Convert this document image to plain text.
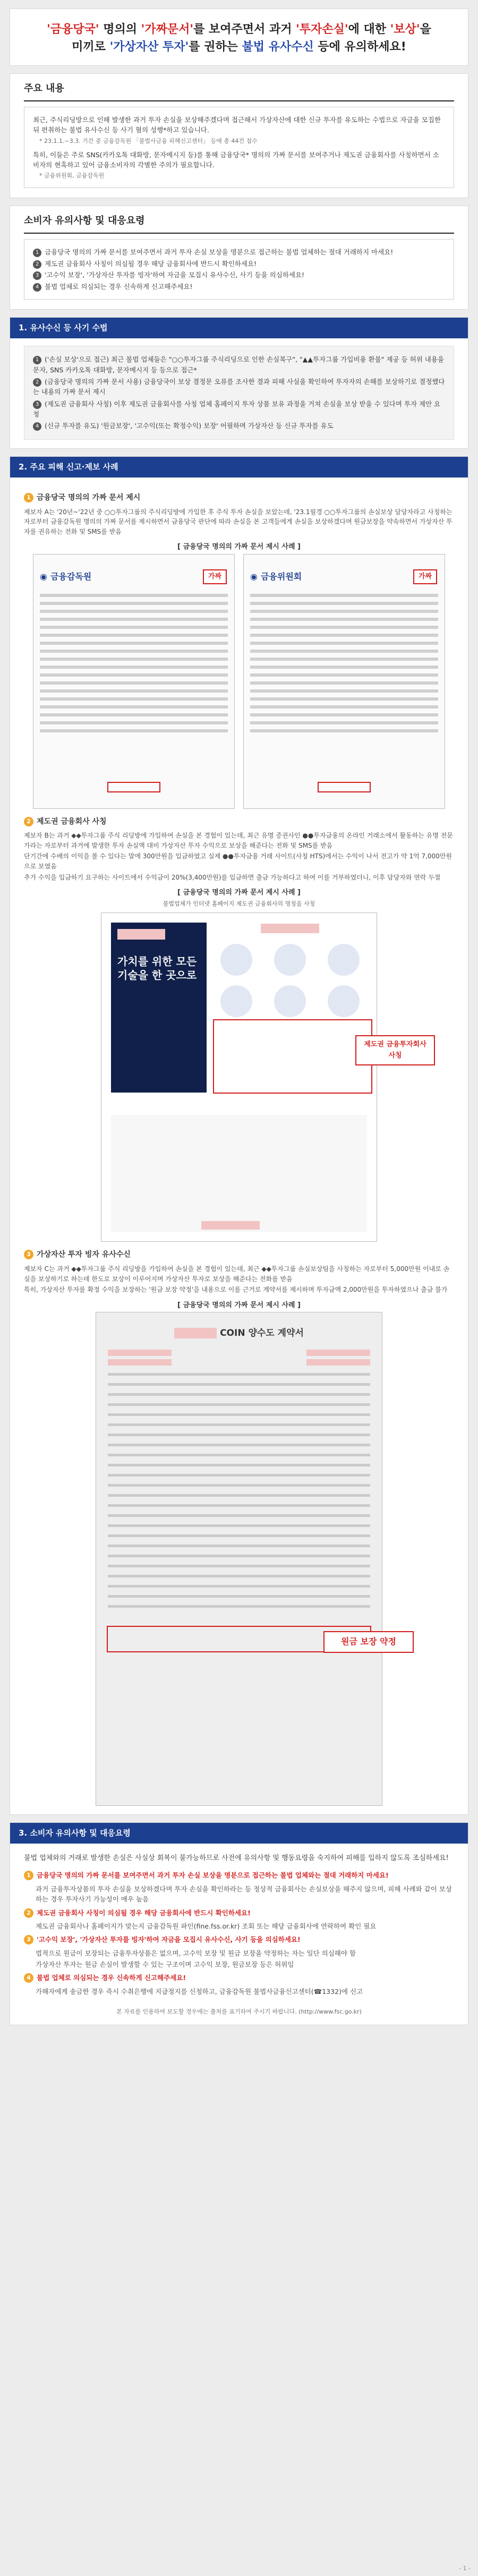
'금융당국' 명의의 '가짜문서'를 보여주면서 과거 '투자손실'에 대한 '보상'을
미끼로 '가상자산 투자'를 권하는 불법 유사수신 등에 유의하세요!
주요 내용

최근, 주식리딩방으로 인해 발생한 과거 투자 손실을 보상해주겠다며 접근해서 가상자산에 대한 신규 투자를 유도하는 수법으로 자금을 모집한 뒤 편취하는 불법 유사수신 등 사기 혐의 성행*하고 있습니다.

* 23.1.1.~3.3. 기간 중 금융감독원 「불법사금융 피해신고센터」 등에 총 44건 접수

특히, 이들은 주로 SNS(카카오톡 대화방, 문자메시지 등)를 통해 금융당국* 명의의 가짜 문서를 보여주거나 제도권 금융회사를 사칭하면서 소비자의 현혹하고 있어 금융소비자의 각별한 주의가 필요합니다.

* 금융위원회, 금융감독원

소비자 유의사항 및 대응요령

1 금융당국 명의의 가짜 문서를 보여주면서 과거 투자 손실 보상을 명분으로 접근하는 불법 업체하는 절대 거래하지 마세요!

2 제도권 금융회사 사칭이 의심될 경우 해당 금융회사에 반드시 확인하세요!

3 '고수익 보장', '가상자산 투자를 빙자'하여 자금을 모집시 유사수신, 사기 등을 의심하세요!

4 불법 업체로 의심되는 경우 신속하게 신고해주세요!

1. 유사수신 등 사기 수법

1 ('손실 보상'으로 접근) 최근 불법 업체들은 "○○투자그룹 주식리딩으로 인한 손실복구", "▲▲투자그룹 가입비용 환불" 제공 등 허위 내용을 문자, SNS 카카오톡 대화방, 문자메시지 등 등으로 접근*

2 (금융당국 명의의 가짜 문서 사용) 금융당국이 보상 결정문 오류를 조사한 결과 피해 사실을 확인하여 투자자의 손해를 보상하기로 결정했다는 내용의 가짜 문서 제시

3 (제도권 금융회사 사칭) 이후 제도권 금융회사를 사칭 업체 홈페이지 투자 상품 보유 과정을 거쳐 손실을 보상 받을 수 있다며 투자 제안 요청

4 (신규 투자를 유도) '원금보장', '고수익(또는 확정수익) 보장' 어필하며 가상자산 등 신규 투자를 유도

2. 주요 피해 신고·제보 사례
1 금융당국 명의의 가짜 문서 제시
제보자 A는 '20년~'22년 중 ○○투자그룹의 주식리딩방에 가입한 후 주식 투자 손실을 보았는데, '23.1월경 ○○투자그룹의 손실보상 담당자라고 사칭하는 자로부터 금융감독원 명의의 가짜 문서를 제시하면서 금융당국 판단에 따라 손실을 본 고객들에게 손실을 보상하겠다며 원금보장을 약속하면서 가상자산 투자를 권유하는 전화 및 SMS를 받음
[ 금융당국 명의의 가짜 문서 제시 사례 ]
◉ 금융감독원	가짜	◉ 금융위원회	가짜
2 제도권 금융회사 사칭

제보자 B는 과거 ◆◆투자그룹 주식 리딩방에 가입하여 손실을 본 경험이 있는데, 최근 유명 증권사인 ●●투자금융의 온라인 거래소에서 활동하는 유명 전문가라는 자로부터 과거에 발생한 투자 손실액 대비 가상자산 투자 수익으로 보상을 해준다는 전화 및 SMS를 받음

단기간에 수배의 이익을 볼 수 있다는 말에 300만원을 입금하였고 실제 ●●투자금융 거래 사이트(사칭 HTS)에서는 수익이 나서 전고가 약 1억 7,000만원으로 보였음

추가 수익을 입금하기 요구하는 사이트에서 수익금이 20%(3,400만원)를 입금하면 출금 가능하다고 하여 이를 거부하였더니, 이후 담당자와 연락 두절

[ 금융당국 명의의 가짜 문서 제시 사례 ]
불법업체가 인터넷 홈페이지 제도권 금융회사의 명칭을 사칭
가치를 위한 모든 기술을 한 곳으로
제도권 금융투자회사 사칭
3 가상자산 투자 빙자 유사수신

제보자 C는 과거 ◆◆투자그룹 주식 리딩방을 가입하여 손실을 본 경험이 있는데, 최근 ◆◆투자그룹 손실보상팀을 사칭하는 자로부터 5,000만원 이내로 손실을 보상하기로 하는데 한도로 보상이 이루어지며 가상자산 투자로 보상을 해준다는 전화를 받음

특히, 가상자산 투자를 확정 수익을 보장하는 '원금 보장 약정'을 내용으로 이를 근거로 계약서를 제시하며 투자금액 2,000만원을 투자하였으나 출금 불가

[ 금융당국 명의의 가짜 문서 제시 사례 ]
COIN 양수도 계약서
원금 보장 약정
3. 소비자 유의사항 및 대응요령
불법 업체와의 거래로 발생한 손실은 사실상 회복이 불가능하므로 사전에 유의사항 및 행동요령을 숙지하여 피해를 입하지 않도록 조심하세요!

1 금융당국 명의의 가짜 문서를 보여주면서 과거 투자 손실 보상을 명분으로 접근하는 불법 업체와는 절대 거래하지 마세요!

과거 금융투자상품의 투자 손실을 보상하겠다며 투자 손실을 확인하라는 등 정상적 금융회사는 손실보상을 해주지 않으며, 피해 사례와 같이 보상하는 경우 투자사기 가능성이 매우 높음

2 제도권 금융회사 사칭이 의심될 경우 해당 금융회사에 반드시 확인하세요!

제도권 금융회사나 홈페이지가 맞는지 금융감독원 파인(fine.fss.or.kr) 조회 또는 해당 금융회사에 연락하여 확인 필요

3 '고수익 보장', '가상자산 투자를 빙자'하여 자금을 모집시 유사수신, 사기 등을 의심하세요!

법적으로 원금이 보장되는 금융투자상품은 없으며, 고수익 보장 및 원금 보장을 약정하는 자는 일단 의심해야 함

가상자산 투자는 원금 손실이 발생할 수 있는 구조이며 고수익 보장, 원금보장 등은 허위임

4 불법 업체로 의심되는 경우 신속하게 신고해주세요!

가해자에게 송금한 경우 즉시 수취은행에 지급정지를 신청하고, 금융감독원 불법사금융신고센터(☎1332)에 신고

본 자료를 인용하여 보도할 경우에는 출처를 표기하여 주시기 바랍니다. (http://www.fsc.go.kr)
- 1 -
